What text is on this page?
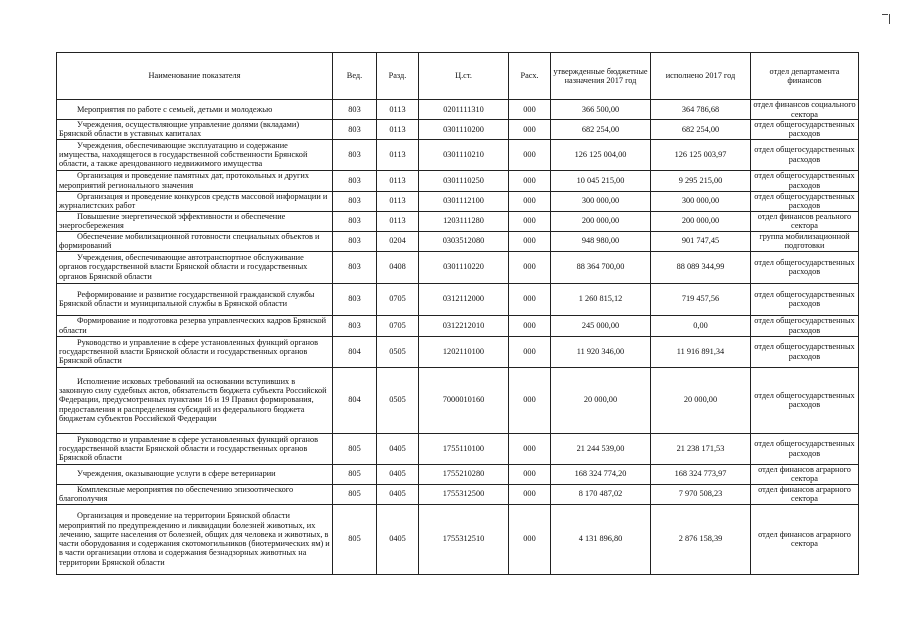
Наименование показателя	Вед.	Разд.	Ц.ст.	Расх.	утвержденные бюджетные назначения 2017 год	исполнено 2017 год	отдел департамента финансов
Мероприятия по работе с семьей, детьми и молодежью	803	0113	0201111310	000	366 500,00	364 786,68	отдел финансов социального сектора
Учреждения, осуществляющие управление долями (вкладами) Брянской области в уставных капиталах	803	0113	0301110200	000	682 254,00	682 254,00	отдел общегосударственных расходов
Учреждения, обеспечивающие эксплуатацию и содержание имущества, находящегося в государственной собственности Брянской области, а также арендованного недвижимого имущества	803	0113	0301110210	000	126 125 004,00	126 125 003,97	отдел общегосударственных расходов
Организация и проведение памятных дат, протокольных и других мероприятий регионального значения	803	0113	0301110250	000	10 045 215,00	9 295 215,00	отдел общегосударственных расходов
Организация и проведение конкурсов средств массовой информации и журналистских работ	803	0113	0301112100	000	300 000,00	300 000,00	отдел общегосударственных расходов
Повышение энергетической эффективности и обеспечение энергосбережения	803	0113	1203111280	000	200 000,00	200 000,00	отдел финансов реального сектора
Обеспечение мобилизационной готовности специальных объектов и формирований	803	0204	0303512080	000	948 980,00	901 747,45	группа мобилизационной подготовки
Учреждения, обеспечивающие автотранспортное обслуживание органов государственной власти Брянской области и государственных органов Брянской области	803	0408	0301110220	000	88 364 700,00	88 089 344,99	отдел общегосударственных расходов
Реформирование и развитие государственной гражданской службы Брянской области и муниципальной службы в Брянской области	803	0705	0312112000	000	1 260 815,12	719 457,56	отдел общегосударственных расходов
Формирование и подготовка резерва управленческих кадров Брянской области	803	0705	0312212010	000	245 000,00	0,00	отдел общегосударственных расходов
Руководство и управление в сфере установленных функций органов государственной власти Брянской области и государственных органов Брянской области	804	0505	1202110100	000	11 920 346,00	11 916 891,34	отдел общегосударственных расходов
Исполнение исковых требований на основании вступивших в законную силу судебных актов, обязательств бюджета субъекта Российской Федерации, предусмотренных пунктами 16 и 19 Правил формирования, предоставления и распределения субсидий из федерального бюджета бюджетам субъектов Российской Федерации	804	0505	7000010160	000	20 000,00	20 000,00	отдел общегосударственных расходов
Руководство и управление в сфере установленных функций органов государственной власти Брянской области и государственных органов Брянской области	805	0405	1755110100	000	21 244 539,00	21 238 171,53	отдел общегосударственных расходов
Учреждения, оказывающие услуги в сфере ветеринарии	805	0405	1755210280	000	168 324 774,20	168 324 773,97	отдел финансов аграрного сектора
Комплексные мероприятия по обеспечению эпизоотического благополучия	805	0405	1755312500	000	8 170 487,02	7 970 508,23	отдел финансов аграрного сектора
Организация и проведение на территории Брянской области мероприятий по предупреждению и ликвидации болезней животных, их лечению, защите населения от болезней, общих для человека и животных, в части оборудования и содержания скотомогильников (биотермических ям) и в части организации отлова и содержания безнадзорных животных на территории Брянской области	805	0405	1755312510	000	4 131 896,80	2 876 158,39	отдел финансов аграрного сектора
